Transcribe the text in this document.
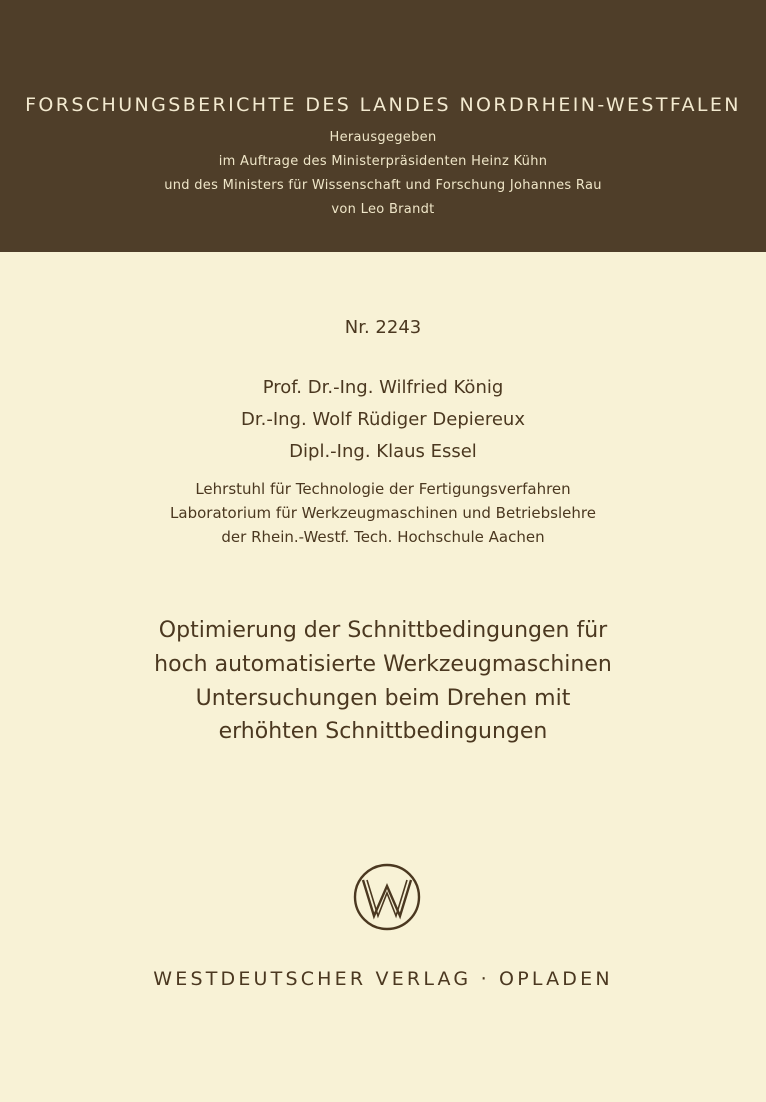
FORSCHUNGSBERICHTE DES LANDES NORDRHEIN-WESTFALEN
Herausgegeben
im Auftrage des Ministerpräsidenten Heinz Kühn
und des Ministers für Wissenschaft und Forschung Johannes Rau
von Leo Brandt
Nr. 2243
Prof. Dr.-Ing. Wilfried König
Dr.-Ing. Wolf Rüdiger Depiereux
Dipl.-Ing. Klaus Essel
Lehrstuhl für Technologie der Fertigungsverfahren
Laboratorium für Werkzeugmaschinen und Betriebslehre
der Rhein.-Westf. Tech. Hochschule Aachen
Optimierung der Schnittbedingungen für
hoch automatisierte Werkzeugmaschinen
Untersuchungen beim Drehen mit
erhöhten Schnittbedingungen
WESTDEUTSCHER VERLAG · OPLADEN
